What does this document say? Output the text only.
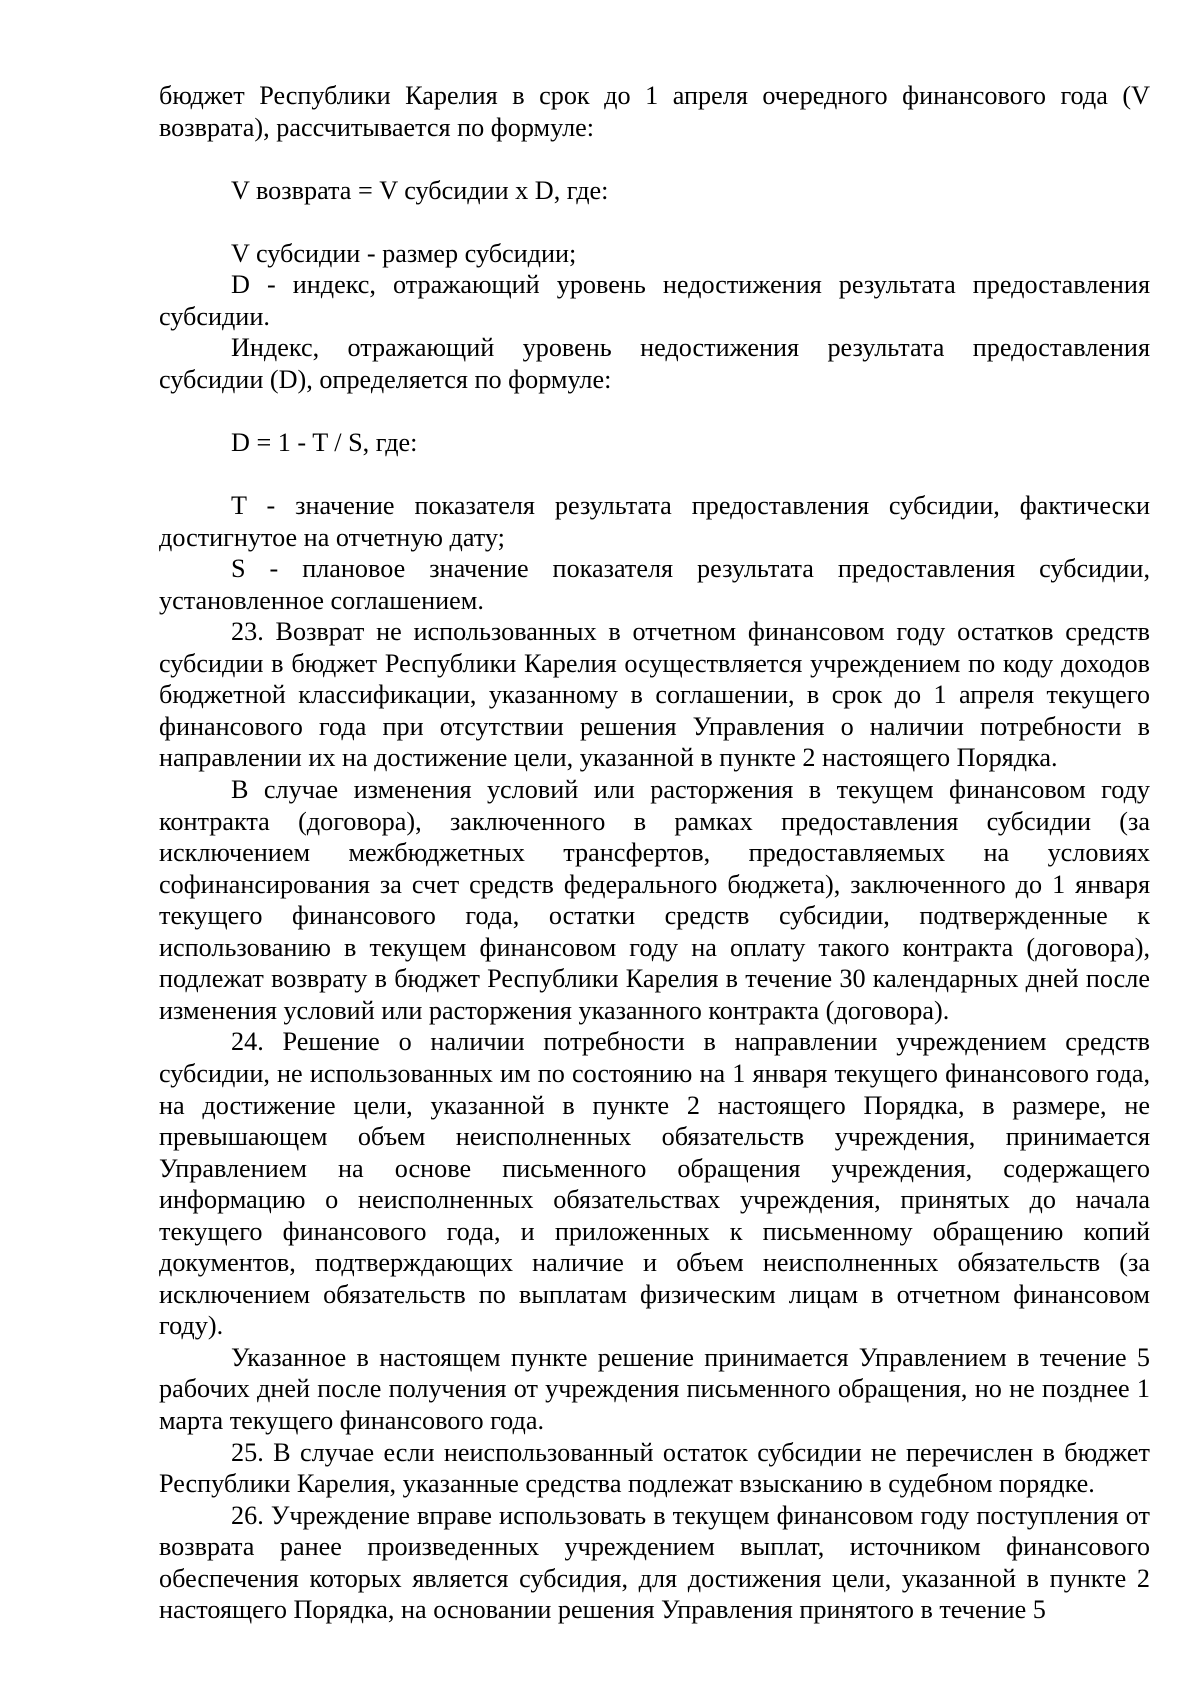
бюджет Республики Карелия в срок до 1 апреля очередного финансового года (V возврата), рассчитывается по формуле:

V возврата = V субсидии x D, где:

V субсидии - размер субсидии;

D - индекс, отражающий уровень недостижения результата предоставления субсидии.

Индекс, отражающий уровень недостижения результата предоставления субсидии (D), определяется по формуле:

D = 1 - T / S, где:

T - значение показателя результата предоставления субсидии, фактически достигнутое на отчетную дату;

S - плановое значение показателя результата предоставления субсидии, установленное соглашением.

23. Возврат не использованных в отчетном финансовом году остатков средств субсидии в бюджет Республики Карелия осуществляется учреждением по коду доходов бюджетной классификации, указанному в соглашении, в срок до 1 апреля текущего финансового года при отсутствии решения Управления о наличии потребности в направлении их на достижение цели, указанной в пункте 2 настоящего Порядка.

В случае изменения условий или расторжения в текущем финансовом году контракта (договора), заключенного в рамках предоставления субсидии (за исключением межбюджетных трансфертов, предоставляемых на условиях софинансирования за счет средств федерального бюджета), заключенного до 1 января текущего финансового года, остатки средств субсидии, подтвержденные к использованию в текущем финансовом году на оплату такого контракта (договора), подлежат возврату в бюджет Республики Карелия в течение 30 календарных дней после изменения условий или расторжения указанного контракта (договора).

24. Решение о наличии потребности в направлении учреждением средств субсидии, не использованных им по состоянию на 1 января текущего финансового года, на достижение цели, указанной в пункте 2 настоящего Порядка, в размере, не превышающем объем неисполненных обязательств учреждения, принимается Управлением на основе письменного обращения учреждения, содержащего информацию о неисполненных обязательствах учреждения, принятых до начала текущего финансового года, и приложенных к письменному обращению копий документов, подтверждающих наличие и объем неисполненных обязательств (за исключением обязательств по выплатам физическим лицам в отчетном финансовом году).

Указанное в настоящем пункте решение принимается Управлением в течение 5 рабочих дней после получения от учреждения письменного обращения, но не позднее 1 марта текущего финансового года.

25. В случае если неиспользованный остаток субсидии не перечислен в бюджет Республики Карелия, указанные средства подлежат взысканию в судебном порядке.

26. Учреждение вправе использовать в текущем финансовом году поступления от возврата ранее произведенных учреждением выплат, источником финансового обеспечения которых является субсидия, для достижения цели, указанной в пункте 2 настоящего Порядка, на основании решения Управления принятого в течение 5
